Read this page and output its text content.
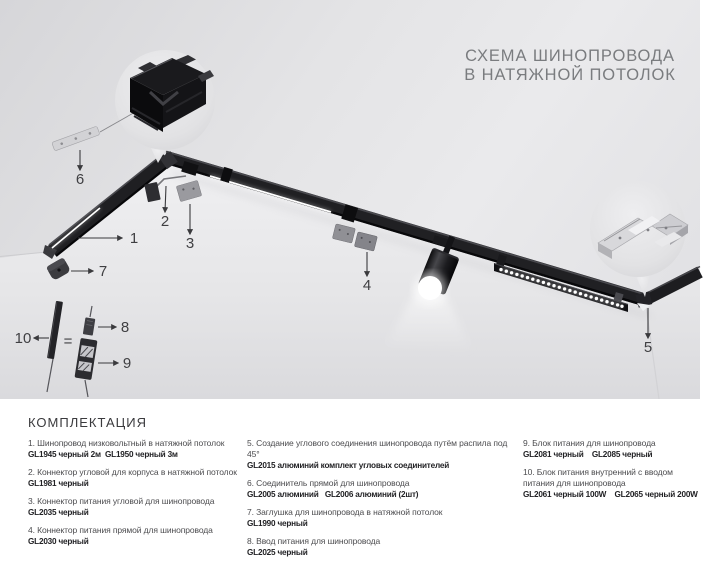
1
2
3
4
5
6
7
8
9
10 =
СХЕМА ШИНОПРОВОДА
В НАТЯЖНОЙ ПОТОЛОК
КОМПЛЕКТАЦИЯ
1. Шинопровод низковольтный в натяжной потолок
GL1945 черный 2м  GL1950 черный 3м
2. Коннектор угловой для корпуса в натяжной потолок
GL1981 черный
3. Коннектор питания угловой для шинопровода
GL2035 черный
4. Коннектор питания прямой для шинопровода
GL2030 черный
5. Создание углового соединения шинопровода путём распила под 45°
GL2015 алюминий комплект угловых соединителей
6. Соединитель прямой для шинопровода
GL2005 алюминий   GL2006 алюминий (2шт)
7. Заглушка для шинопровода в натяжной потолок
GL1990 черный
8. Ввод питания для шинопровода
GL2025 черный
9. Блок питания для шинопровода
GL2081 черный    GL2085 черный
10. Блок питания внутренний с вводом питания для шинопровода
GL2061 черный 100W    GL2065 черный 200W
